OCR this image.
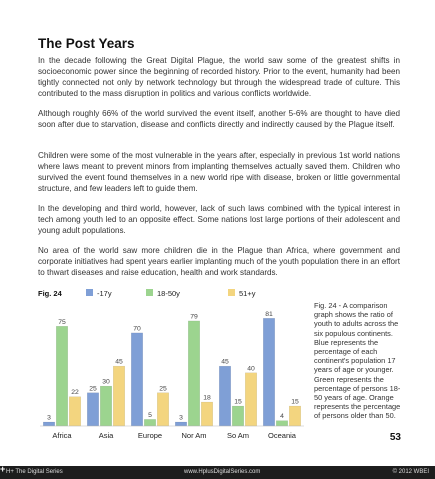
The Post Years
In the decade following the Great Digital Plague, the world saw some of the greatest shifts in socioeconomic power since the beginning of recorded history. Prior to the event, humanity had been tightly connected not only by network technology but through the widespread trade of culture. This contributed to the mass disruption in politics and various conflicts worldwide.
Although roughly 66% of the world survived the event itself, another 5-6% are thought to have died soon after due to starvation, disease and conflicts directly and indirectly caused by the Plague itself.
Children were some of the most vulnerable in the years after, especially in previous 1st world nations where laws meant to prevent minors from implanting themselves actually saved them. Children who survived the event found themselves in a new world ripe with disease, broken or little governmental structure, and few leaders left to guide them.
In the developing and third world, however, lack of such laws combined with the typical interest in tech among youth led to an opposite effect. Some nations lost large portions of their adolescent and young adult populations.
No area of the world saw more children die in the Plague than Africa, where government and corporate initiatives had spent years earlier implanting much of the youth population there in an effort to thwart diseases and raise education, health and work standards.
Fig. 24	-17y	18-50y	51+y
3
75
22
25
30
45
70
5
25
3
79
18
45
15
40
81
4
15
Africa	Asia	Europe	Nor Am	So Am	Oceania
Fig. 24 - A comparison graph shows the ratio of youth to adults across the six populous continents. Blue represents the percentage of each continent's population 17 years of age or younger. Green represents the percentage of persons 18-50 years of age. Orange represents the percentage of persons older than 50.
53
+ H+ The Digital Series	www.HplusDigitalSeries.com	© 2012 WBEI
